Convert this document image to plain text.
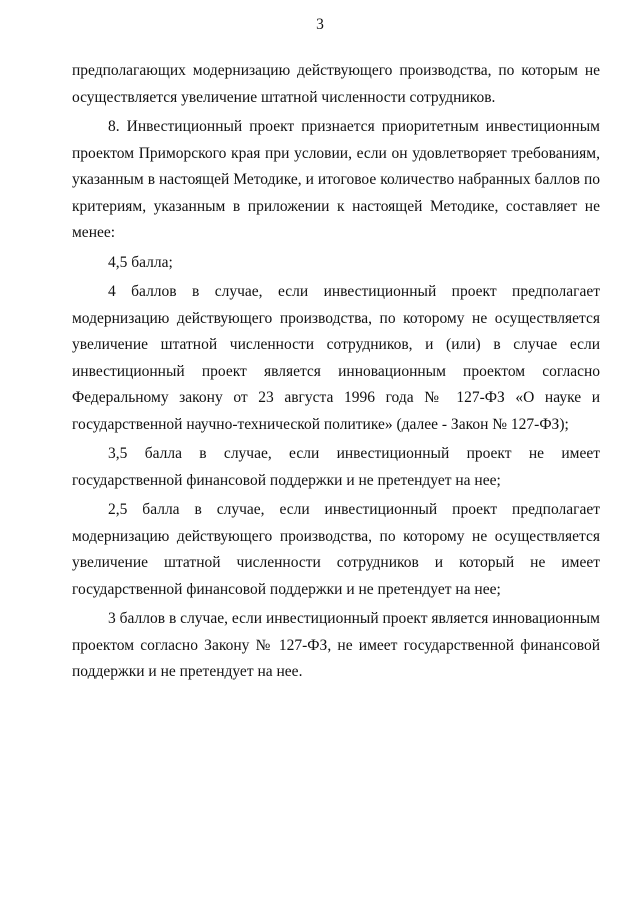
3

предполагающих модернизацию действующего производства, по которым не осуществляется увеличение штатной численности сотрудников.

8. Инвестиционный проект признается приоритетным инвестиционным проектом Приморского края при условии, если он удовлетворяет требованиям, указанным в настоящей Методике, и итоговое количество набранных баллов по критериям, указанным в приложении к настоящей Методике, составляет не менее:

4,5 балла;

4 баллов в случае, если инвестиционный проект предполагает модернизацию действующего производства, по которому не осуществляется увеличение штатной численности сотрудников, и (или) в случае если инвестиционный проект является инновационным проектом согласно Федеральному закону от 23 августа 1996 года № 127-ФЗ «О науке и государственной научно-технической политике» (далее - Закон № 127-ФЗ);

3,5 балла в случае, если инвестиционный проект не имеет государственной финансовой поддержки и не претендует на нее;

2,5 балла в случае, если инвестиционный проект предполагает модернизацию действующего производства, по которому не осуществляется увеличение штатной численности сотрудников и который не имеет государственной финансовой поддержки и не претендует на нее;

3 баллов в случае, если инвестиционный проект является инновационным проектом согласно Закону № 127-ФЗ, не имеет государственной финансовой поддержки и не претендует на нее.
